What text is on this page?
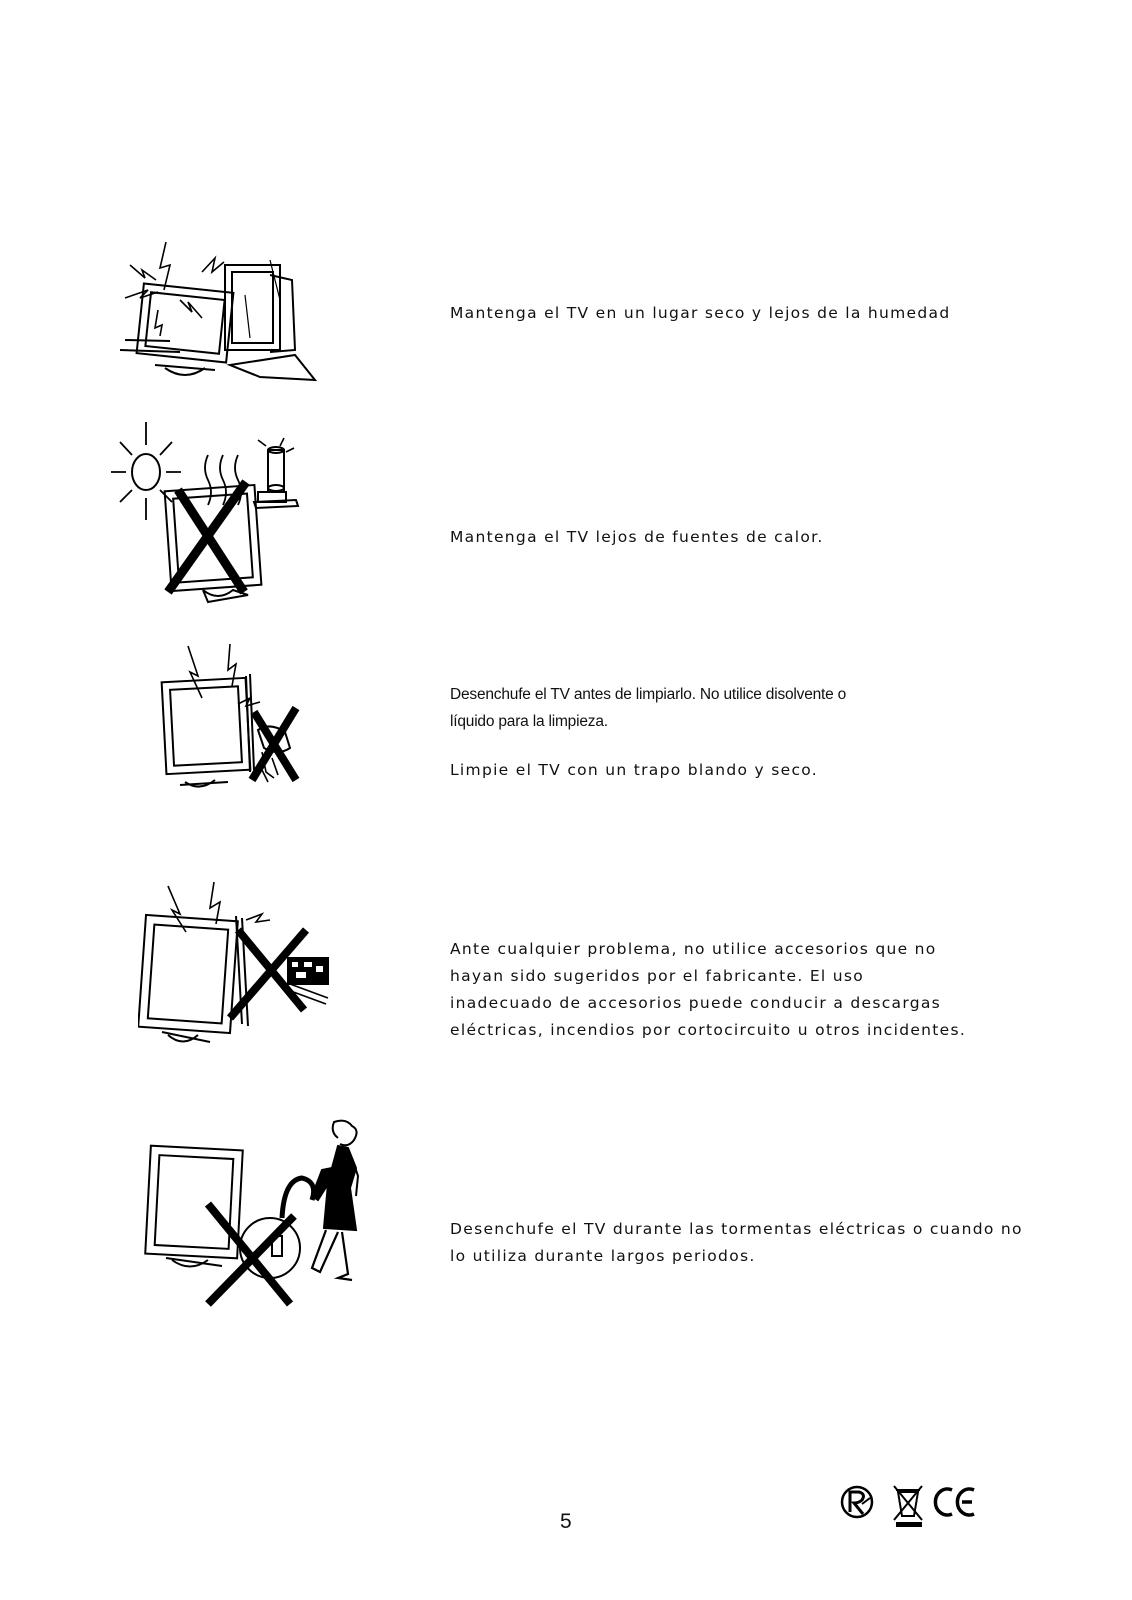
Mantenga el TV en un lugar seco y lejos de la humedad
Mantenga el TV lejos de fuentes de calor.

Desenchufe el TV antes de limpiarlo. No utilice disolvente o

líquido para la limpieza.

Limpie el TV con un trapo blando y seco.

Ante cualquier problema, no utilice accesorios que no

hayan sido sugeridos por el fabricante. El uso

inadecuado de accesorios puede conducir a descargas

eléctricas, incendios por cortocircuito u otros incidentes.

Desenchufe el TV durante las tormentas eléctricas o cuando no

lo utiliza durante largos periodos.

5
